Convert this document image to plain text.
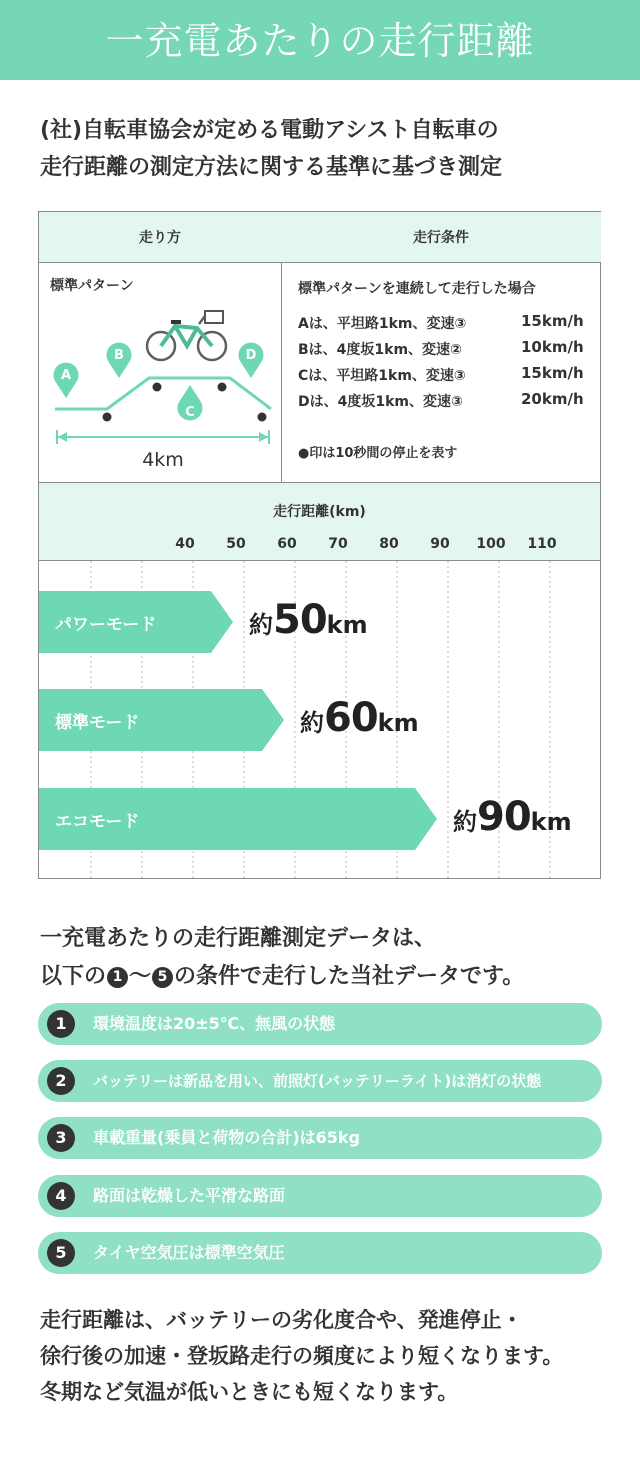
一充電あたりの走行距離
(社)自転車協会が定める電動アシスト自転車の
走行距離の測定方法に関する基準に基づき測定
走り方	走行条件
標準パターン
A
B
C
D
4km
標準パターンを連続して走行した場合
Aは、平坦路1km、変速③	15km/h
Bは、4度坂1km、変速②	10km/h
Cは、平坦路1km、変速③	15km/h
Dは、4度坂1km、変速③	20km/h
●印は10秒間の停止を表す
走行距離(km)
40 50 60 70 80 90 100 110
パワーモード	約50km
標準モード	約60km
エコモード	約90km
一充電あたりの走行距離測定データは、
以下の 1 〜 5 の条件で走行した当社データです。
1	環境温度は20±5℃、無風の状態
2	バッテリーは新品を用い、前照灯(バッテリーライト)は消灯の状態
3	車載重量(乗員と荷物の合計)は65kg
4	路面は乾燥した平滑な路面
5	タイヤ空気圧は標準空気圧
走行距離は、バッテリーの劣化度合や、発進停止・
徐行後の加速・登坂路走行の頻度により短くなります。
冬期など気温が低いときにも短くなります。
